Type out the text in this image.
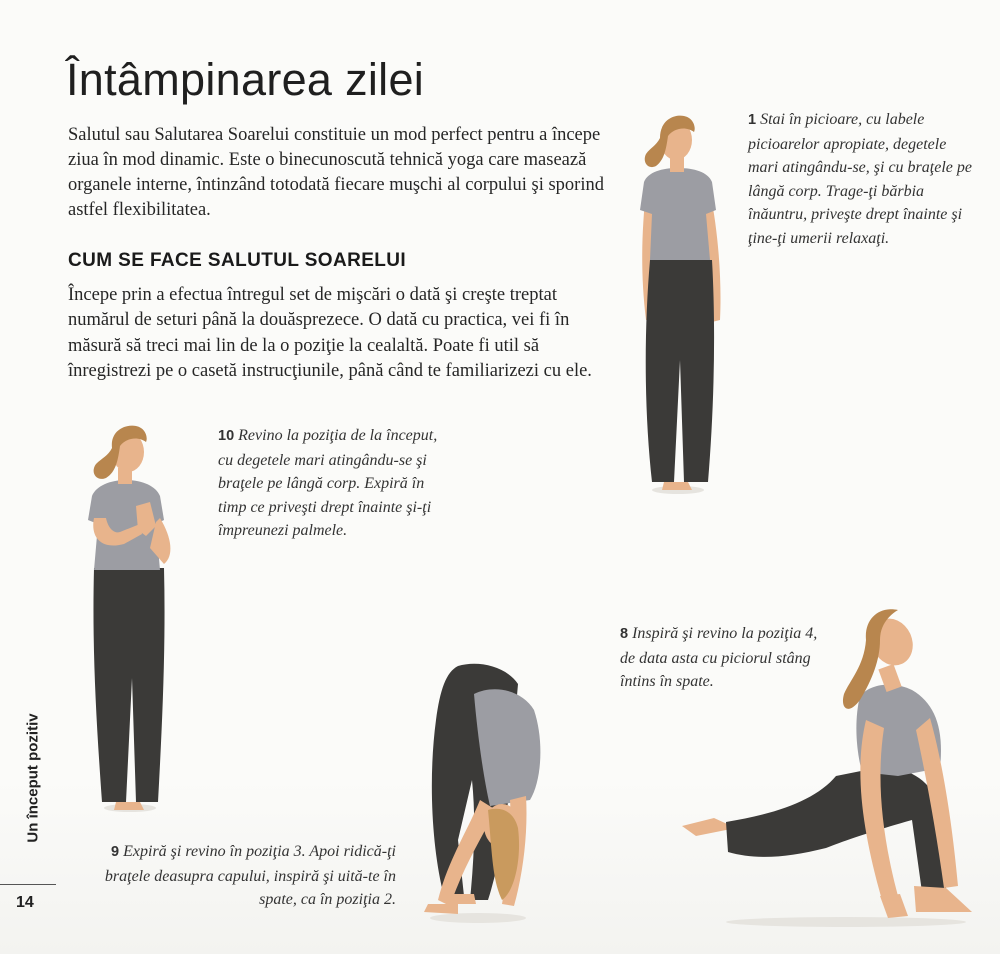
Întâmpinarea zilei

Salutul sau Salutarea Soarelui constituie un mod perfect pentru a începe ziua în mod dinamic. Este o binecunoscută tehnică yoga care masează organele interne, întinzând totodată fiecare muşchi al corpului şi sporind astfel flexibilitatea.

CUM SE FACE SALUTUL SOARELUI

Începe prin a efectua întregul set de mişcări o dată şi creşte treptat numărul de seturi până la douăsprezece. O dată cu practica, vei fi în măsură să treci mai lin de la o poziţie la cealaltă. Poate fi util să înregistrezi pe o casetă instrucţiunile, până când te familiarizezi cu ele.

1 Stai în picioare, cu labele picioarelor apropiate, degetele mari atingându-se, şi cu braţele pe lângă corp. Trage-ţi bărbia înăuntru, priveşte drept înainte şi ţine-ţi umerii relaxaţi.
10 Revino la poziţia de la început, cu degetele mari atingându-se şi braţele pe lângă corp. Expiră în timp ce priveşti drept înainte şi-ţi împreunezi palmele.
8 Inspiră şi revino la poziţia 4, de data asta cu piciorul stâng întins în spate.
9 Expiră şi revino în poziţia 3. Apoi ridică-ţi braţele deasupra capului, inspiră şi uită-te în spate, ca în poziţia 2.
Un început pozitiv
14
